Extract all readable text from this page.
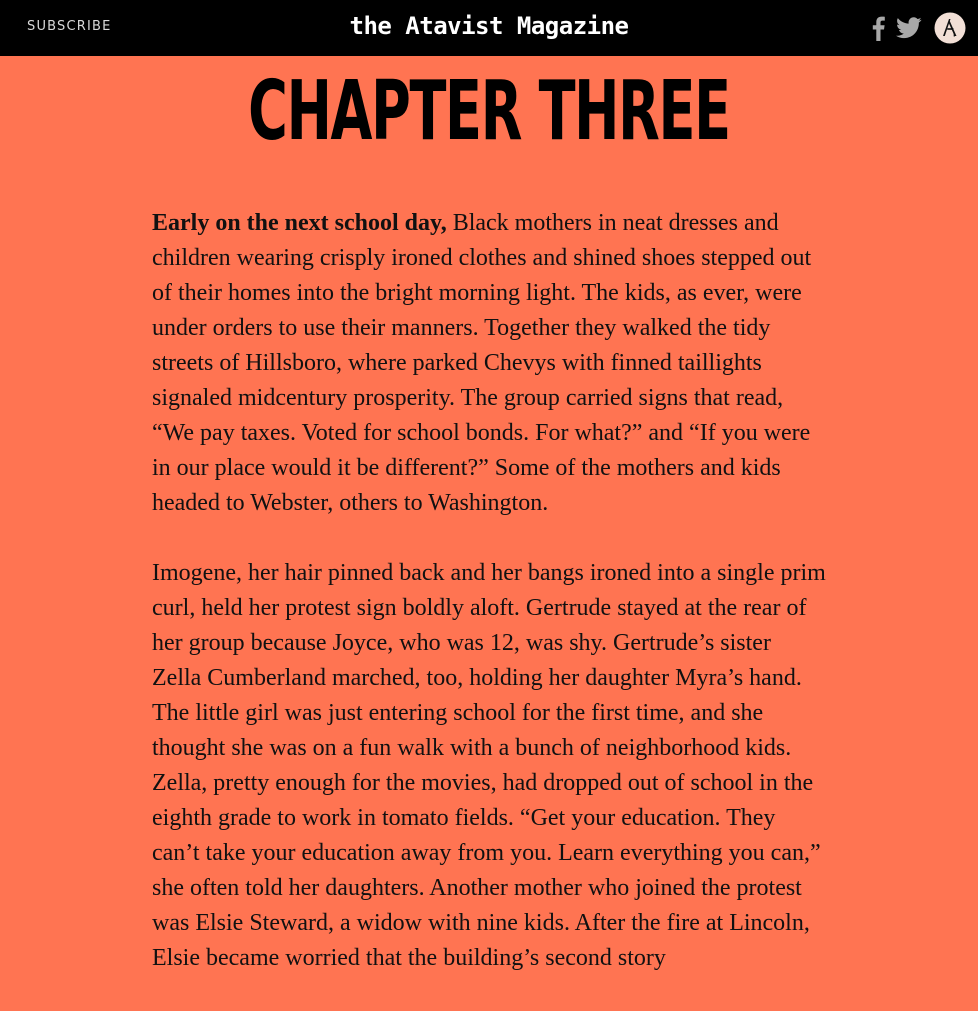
SUBSCRIBE	the Atavist Magazine
CHAPTER THREE

Early on the next school day, Black mothers in neat dresses and children wearing crisply ironed clothes and shined shoes stepped out of their homes into the bright morning light. The kids, as ever, were under orders to use their manners. Together they walked the tidy streets of Hillsboro, where parked Chevys with finned taillights signaled midcentury prosperity. The group carried signs that read, “We pay taxes. Voted for school bonds. For what?” and “If you were in our place would it be different?” Some of the mothers and kids headed to Webster, others to Washington.

Imogene, her hair pinned back and her bangs ironed into a single prim curl, held her protest sign boldly aloft. Gertrude stayed at the rear of her group because Joyce, who was 12, was shy. Gertrude’s sister Zella Cumberland marched, too, holding her daughter Myra’s hand. The little girl was just entering school for the first time, and she thought she was on a fun walk with a bunch of neighborhood kids. Zella, pretty enough for the movies, had dropped out of school in the eighth grade to work in tomato fields. “Get your education. They can’t take your education away from you. Learn everything you can,” she often told her daughters. Another mother who joined the protest was Elsie Steward, a widow with nine kids. After the fire at Lincoln, Elsie became worried that the building’s second story
